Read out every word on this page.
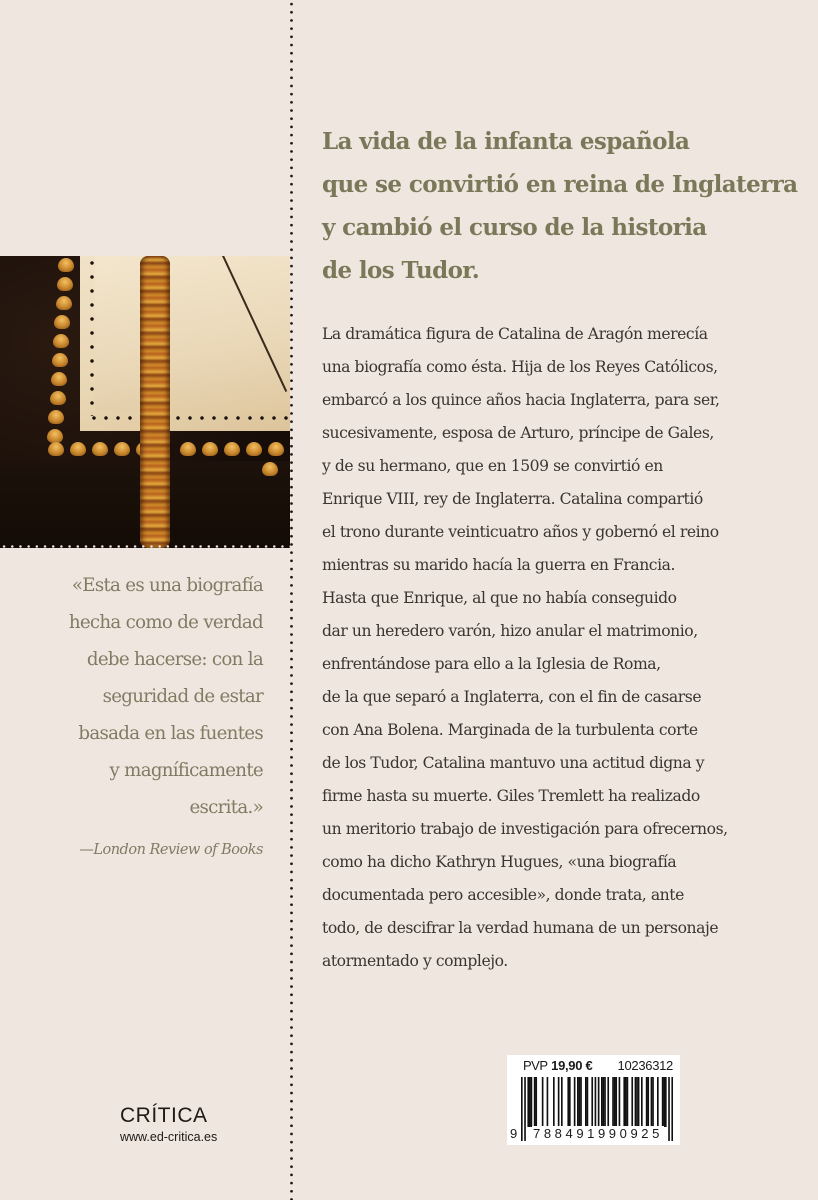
La vida de la infanta española
que se convirtió en reina de Inglaterra
y cambió el curso de la historia
de los Tudor.
La dramática figura de Catalina de Aragón merecía
una biografía como ésta. Hija de los Reyes Católicos,
embarcó a los quince años hacia Inglaterra, para ser,
sucesivamente, esposa de Arturo, príncipe de Gales,
y de su hermano, que en 1509 se convirtió en
Enrique VIII, rey de Inglaterra. Catalina compartió
el trono durante veinticuatro años y gobernó el reino
mientras su marido hacía la guerra en Francia.
Hasta que Enrique, al que no había conseguido
dar un heredero varón, hizo anular el matrimonio,
enfrentándose para ello a la Iglesia de Roma,
de la que separó a Inglaterra, con el fin de casarse
con Ana Bolena. Marginada de la turbulenta corte
de los Tudor, Catalina mantuvo una actitud digna y
firme hasta su muerte. Giles Tremlett ha realizado
un meritorio trabajo de investigación para ofrecernos,
como ha dicho Kathryn Hugues, «una biografía
documentada pero accesible», donde trata, ante
todo, de descifrar la verdad humana de un personaje
atormentado y complejo.
«Esta es una biografía
hecha como de verdad
debe hacerse: con la
seguridad de estar
basada en las fuentes
y magníficamente
escrita.»
—London Review of Books
CRÍTICA
www.ed-critica.es
PVP 19,90 € 10236312
9 788491990925
